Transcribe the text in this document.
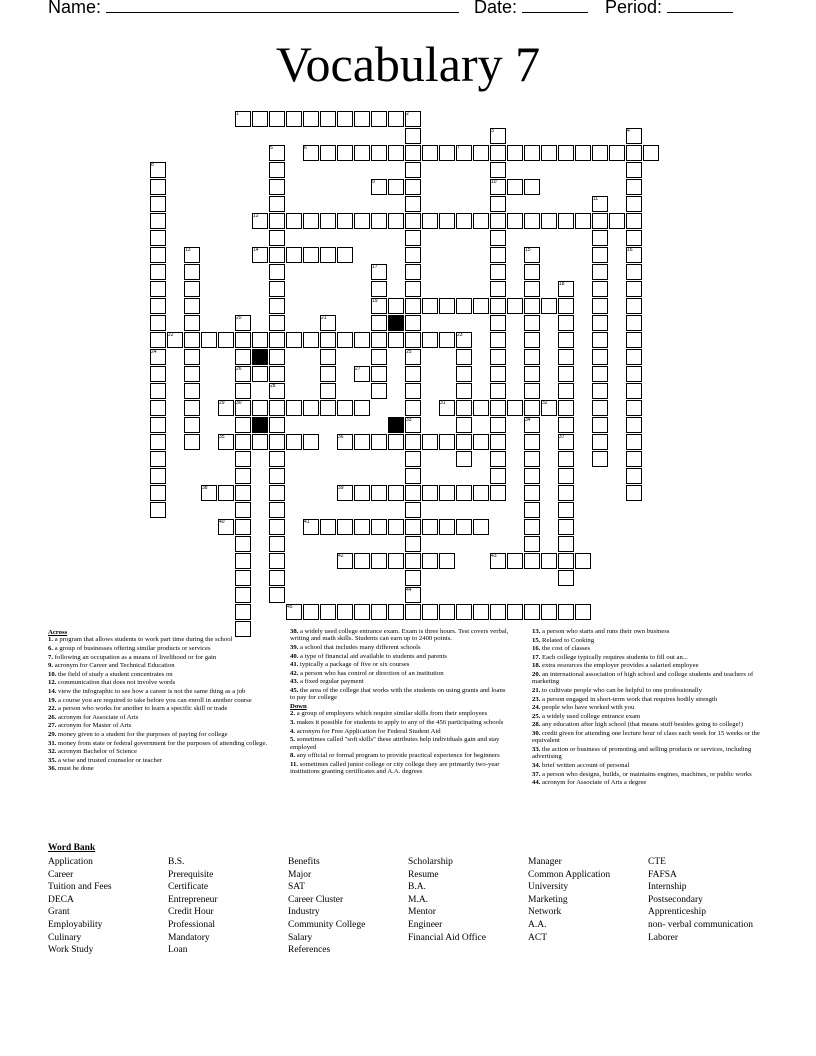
Name:	Date:	Period:
Vocabulary 7
1	2
3	4
5	6	7
8
9	10
11
12
13	14	15	16
17
18
19
20	21
22	23
24	25
26	27
28
29 30	31	32
33	34
35	36	37
38	39
40	41
42	43
44
45
Across
1. a program that allows students to work part time during the school
6. a group of businesses offering similar products or services
7. following an occupation as a means of livelihood or for gain
9. acronym for Career and Technical Education
10. the field of study a student concentrates on
12. communication that does not involve words
14. view the infographic to see how a career is not the same thing as a job
19. a course you are required to take before you can enroll in another course
22. a person who works for another to learn a specific skill or trade
26. acronym for Associate of Arts
27. acronym for Master of Arts
29. money given to a student for the purposes of paying for college
31. money from state or federal government for the purposes of attending college.
32. acronym Bachelor of Science
35. a wise and trusted counselor or teacher
36. must be done
38. a widely used college entrance exam. Exam is three hours. Test covers verbal, writing and math skills. Students can earn up to 2400 points.
39. a school that includes many different schools
40. a type of financial aid available to students and parents
41. typically a package of five or six courses
42. a person who has control or direction of an institution
43. a fixed regular payment
45. the area of the college that works with the students on using grants and loans to pay for college
Down
2. a group of employers which require similar skills from their employees
3. makes it possible for students to apply to any of the 456 participating schools
4. acronym for Free Application for Federal Student Aid
5. sometimes called "soft skills" these attributes help individuals gain and stay employed
8. any official or formal program to provide practical experience for beginners
11. sometimes called junior college or city college they are primarily two-year institutions granting certificates and A.A. degrees
13. a person who starts and runs their own business
15. Related to Cooking
16. the cost of classes
17. Each college typically requires students to fill out an...
18. extra resources the employer provides a salaried employee
20. an international association of high school and college students and teachers of marketing
21. to cultivate people who can be helpful to one professionally
23. a person engaged in short-term work that requires bodily strength
24. people who have worked with you
25. a widely used college entrance exam
28. any education after high school (that means stuff besides going to college!)
30. credit given for attending one lecture hour of class each week for 15 weeks or the equivalent
33. the action or business of promoting and selling products or services, including advertising
34. brief written account of personal
37. a person who designs, builds, or maintains engines, machines, or public works
44. acronym for Associate of Arts a degree
Word Bank
Application
Career
Tuition and Fees
DECA
Grant
Employability
Culinary
Work Study
B.S.
Prerequisite
Certificate
Entrepreneur
Credit Hour
Professional
Mandatory
Loan
Benefits
Major
SAT
Career Cluster
Industry
Community College
Salary
References
Scholarship
Resume
B.A.
M.A.
Mentor
Engineer
Financial Aid Office
Manager
Common Application
University
Marketing
Network
A.A.
ACT
CTE
FAFSA
Internship
Postsecondary
Apprenticeship
non- verbal communication
Laborer
